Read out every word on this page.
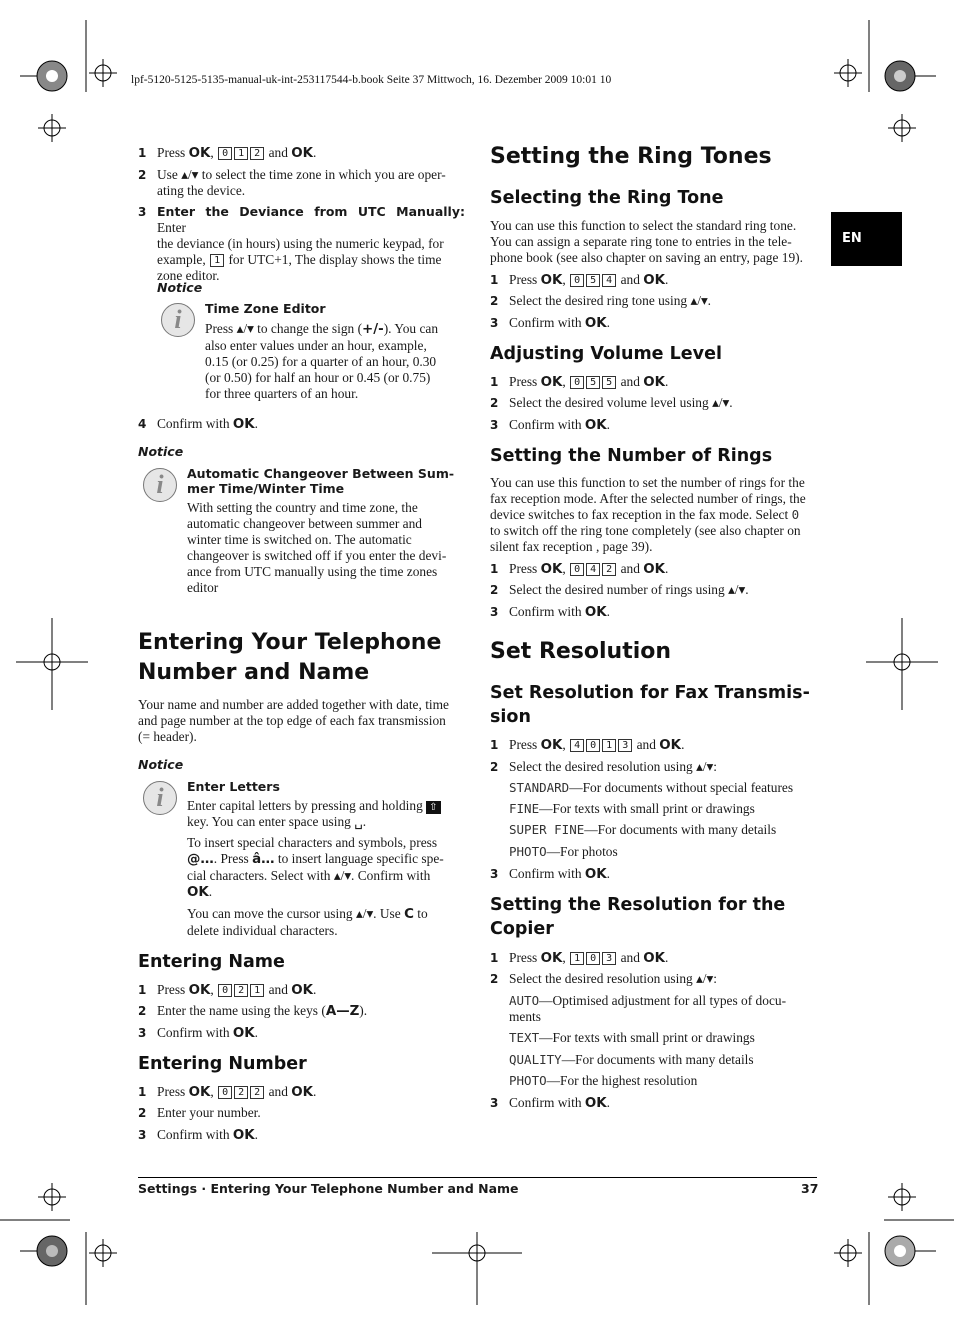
lpf-5120-5125-5135-manual-uk-int-253117544-b.book Seite 37 Mittwoch, 16. Dezember 2009 10:01 10
EN
1 Press OK, 0 1 2 and OK.
2 Use ▴/▾ to select the time zone in which you are oper-
ating the device.
3 Enter the Deviance from UTC Manually: Enter
the deviance (in hours) using the numeric keypad, for
example, 1 for UTC+1, The display shows the time
zone editor.
Notice
i	Time Zone Editor
Press ▴/▾ to change the sign (+/-). You can
also enter values under an hour, example,
0.15 (or 0.25) for a quarter of an hour, 0.30
(or 0.50) for half an hour or 0.45 (or 0.75)
for three quarters of an hour.
4 Confirm with OK.
Notice
i	Automatic Changeover Between Sum-
mer Time/Winter Time
With setting the country and time zone, the
automatic changeover between summer and
winter time is switched on. The automatic
changeover is switched off if you enter the devi-
ance from UTC manually using the time zones
editor
Entering Your Telephone
Number and Name
Your name and number are added together with date, time
and page number at the top edge of each fax transmission
(= header).
Notice
i	Enter Letters
Enter capital letters by pressing and holding ⇧
key. You can enter space using ␣.
To insert special characters and symbols, press
@…. Press â… to insert language specific spe-
cial characters. Select with ▴/▾. Confirm with
OK.
You can move the cursor using ▴/▾. Use C to
delete individual characters.
Entering Name
1 Press OK, 0 2 1 and OK.
2 Enter the name using the keys (A—Z).
3 Confirm with OK.
Entering Number
1 Press OK, 0 2 2 and OK.
2 Enter your number.
3 Confirm with OK.
Setting the Ring Tones
Selecting the Ring Tone
You can use this function to select the standard ring tone.
You can assign a separate ring tone to entries in the tele-
phone book (see also chapter on saving an entry, page 19).
1 Press OK, 0 5 4 and OK.
2 Select the desired ring tone using ▴/▾.
3 Confirm with OK.
Adjusting Volume Level
1 Press OK, 0 5 5 and OK.
2 Select the desired volume level using ▴/▾.
3 Confirm with OK.
Setting the Number of Rings
You can use this function to set the number of rings for the
fax reception mode. After the selected number of rings, the
device switches to fax reception in the fax mode. Select 0
to switch off the ring tone completely (see also chapter on
silent fax reception , page 39).
1 Press OK, 0 4 2 and OK.
2 Select the desired number of rings using ▴/▾.
3 Confirm with OK.
Set Resolution
Set Resolution for Fax Transmis-
sion
1 Press OK, 4 0 1 3 and OK.
2 Select the desired resolution using ▴/▾:
STANDARD—For documents without special features
FINE—For texts with small print or drawings
SUPER FINE—For documents with many details
PHOTO—For photos
3 Confirm with OK.
Setting the Resolution for the
Copier
1 Press OK, 1 0 3 and OK.
2 Select the desired resolution using ▴/▾:
AUTO—Optimised adjustment for all types of docu-
ments
TEXT—For texts with small print or drawings
QUALITY—For documents with many details
PHOTO—For the highest resolution
3 Confirm with OK.
Settings · Entering Your Telephone Number and Name	37
